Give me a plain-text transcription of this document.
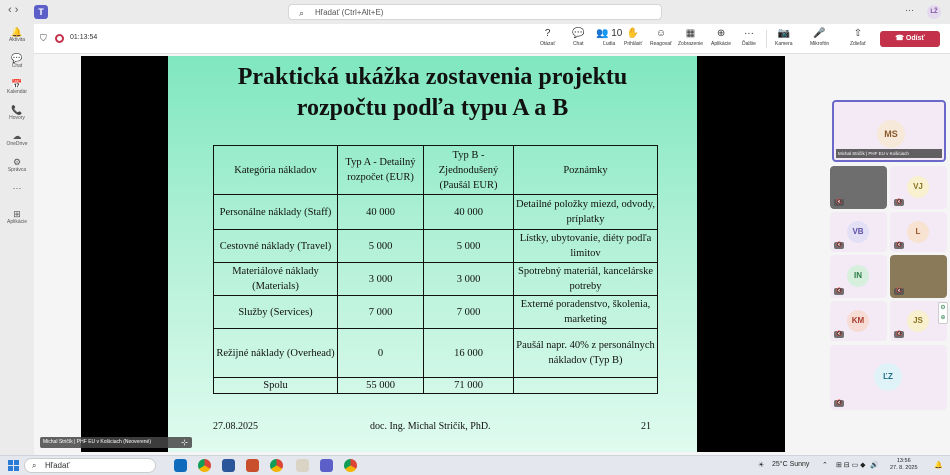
‹ ›	T	⌕ Hľadať (Ctrl+Alt+E)	···	LŽ
🔔
Aktivita
💬
Chat
📅
Kalendár
📞
Hovory
☁
OneDrive
⚙
Správca
···
⊞
Aplikácie
⛉	01:13:54	?
Otázať
💬
Chat
👥 10
Ľudia
✋
Prihlásiť
☺
Reagovať
▦
Zobrazenie
⊕
Aplikácie
···
Ďalšie
📷
Kamera
🎤
Mikrofón
⇧
Zdieľať
☎ Odísť
Praktická ukážka zostavenia projektu
rozpočtu podľa typu A a B
Kategória nákladov	Typ A - Detailný rozpočet (EUR)	Typ B - Zjednodušený (Paušál EUR)	Poznámky
Personálne náklady (Staff)	40 000	40 000	Detailné položky miezd, odvody, príplatky
Cestovné náklady (Travel)	5 000	5 000	Lístky, ubytovanie, diéty podľa limitov
Materiálové náklady (Materials)	3 000	3 000	Spotrebný materiál, kancelárske potreby
Služby (Services)	7 000	7 000	Externé poradenstvo, školenia, marketing
Režijné náklady (Overhead)	0	16 000	Paušál napr. 40% z personálnych nákladov (Typ B)
Spolu	55 000	71 000	
27.08.2025	doc. Ing. Michal Stričík, PhD.	21
Michal Stričík | PHF EU v Košiciach (Neoverené)	⊹
MS
Michal Stričík | PHF EU v Košiciach
🔇
VJ
🔇
VB
🔇
L
🔇
IN
🔇	🔇
KM
🔇
JS
🔇
ĽZ
🔇
⚙
⊕
⌕ Hľadať	☀ 25°C Sunny ⌃ ⊞ ⊟ ▭ ◆ 🔊
13:56
27. 8. 2025 🔔
